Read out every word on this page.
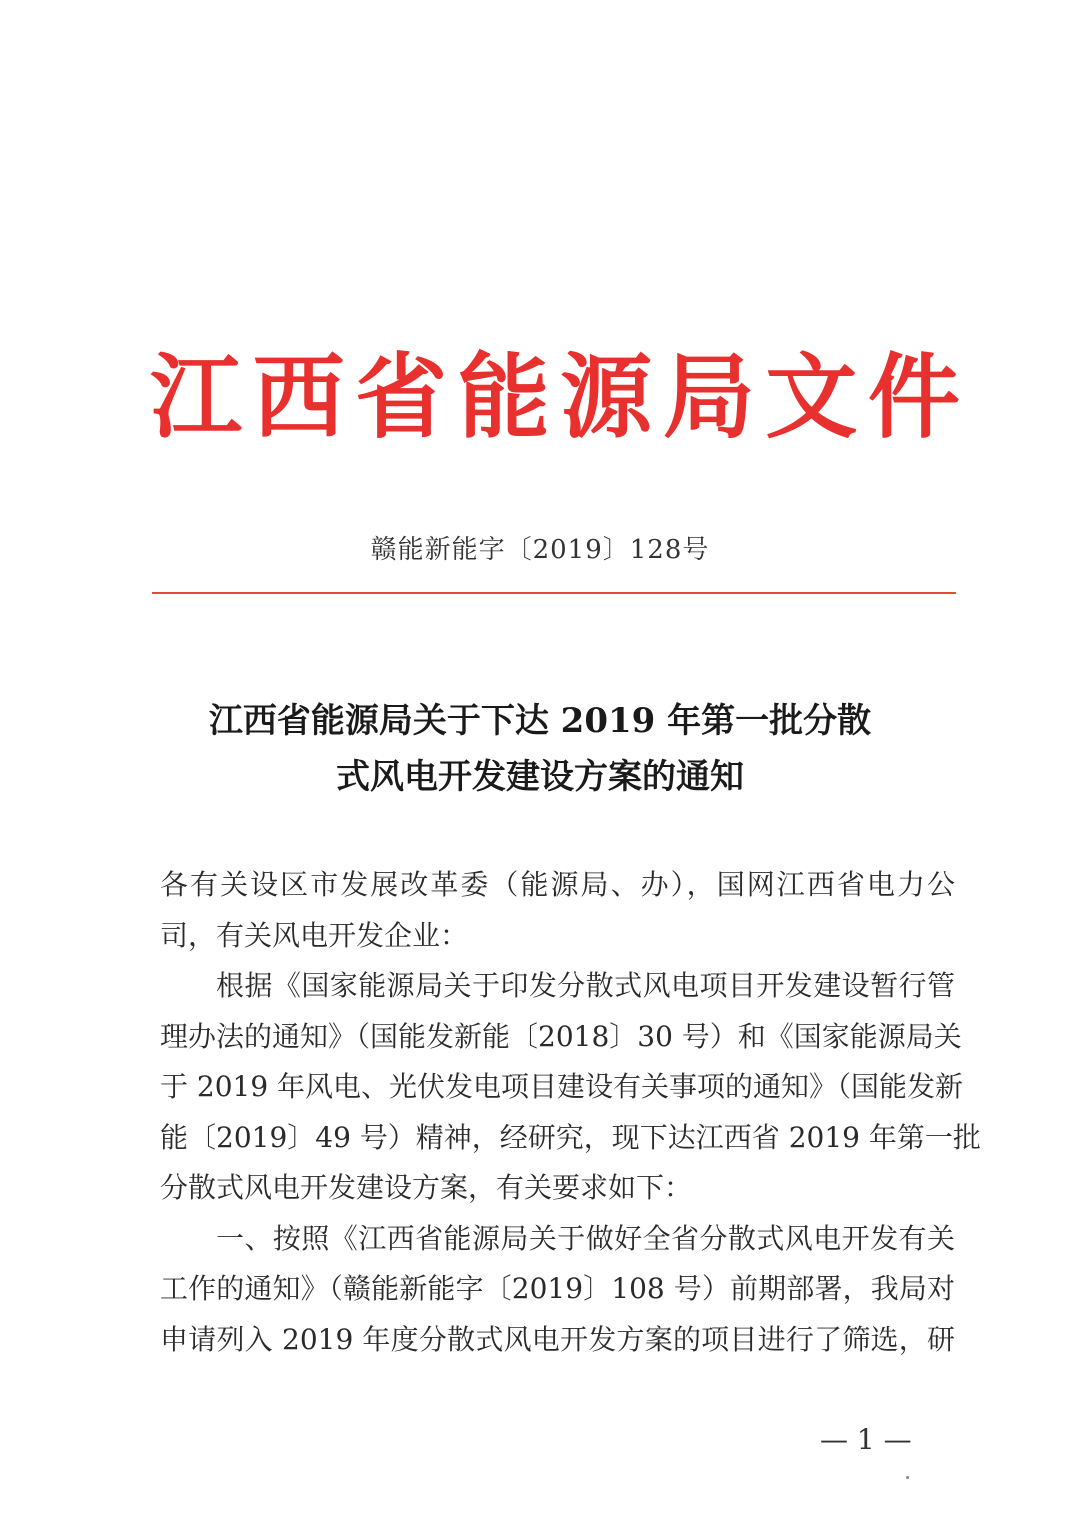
江 西 省 能 源 局 文 件
赣能新能字〔2019〕128号
江西省能源局关于下达 2019 年第一批分散
式风电开发建设方案的通知
各有关设区市发展改革委（能源局、办），国网江西省电力公
司，有关风电开发企业：
根据《国家能源局关于印发分散式风电项目开发建设暂行管
理办法的通知》（国能发新能〔2018〕30 号）和《国家能源局关
于 2019 年风电、光伏发电项目建设有关事项的通知》（国能发新
能〔2019〕49 号）精神，经研究，现下达江西省 2019 年第一批
分散式风电开发建设方案，有关要求如下：
一、按照《江西省能源局关于做好全省分散式风电开发有关
工作的通知》（赣能新能字〔2019〕108 号）前期部署，我局对
申请列入 2019 年度分散式风电开发方案的项目进行了筛选，研
— 1 —
